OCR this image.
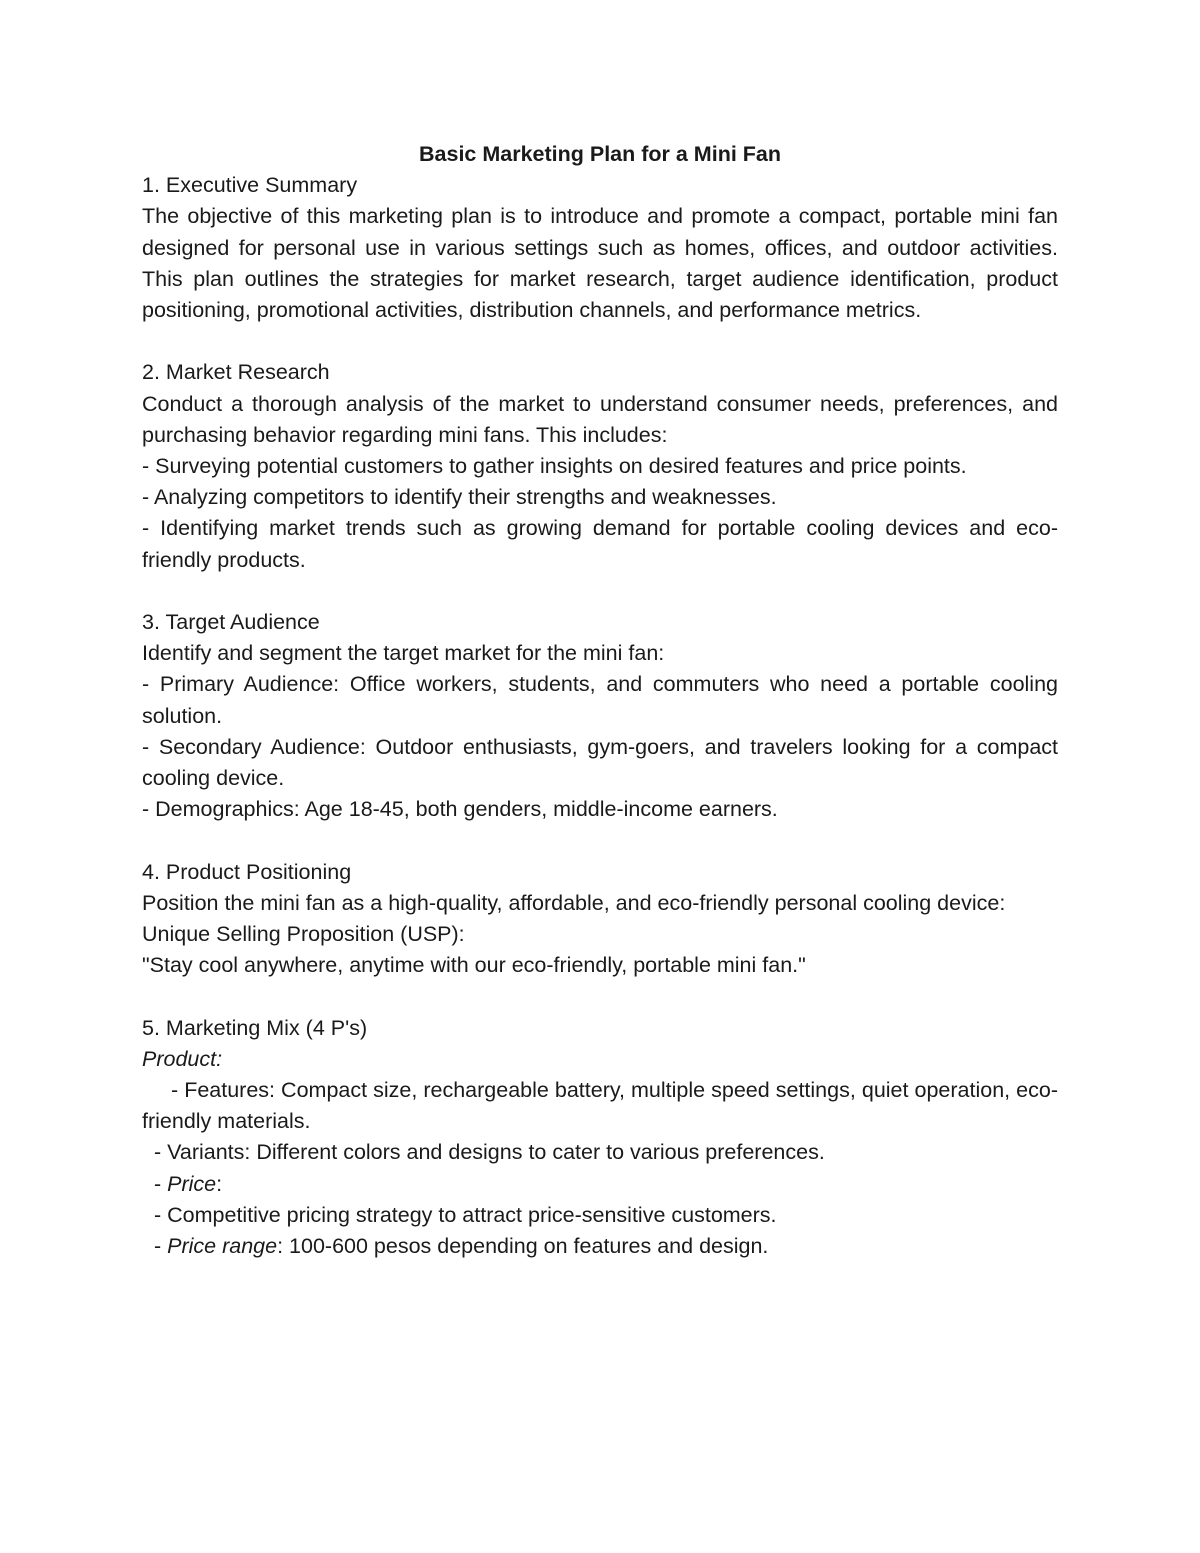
Basic Marketing Plan for a Mini Fan

1. Executive Summary

The objective of this marketing plan is to introduce and promote a compact, portable mini fan designed for personal use in various settings such as homes, offices, and outdoor activities. This plan outlines the strategies for market research, target audience identification, product positioning, promotional activities, distribution channels, and performance metrics.

2. Market Research

Conduct a thorough analysis of the market to understand consumer needs, preferences, and purchasing behavior regarding mini fans. This includes:

- Surveying potential customers to gather insights on desired features and price points.

- Analyzing competitors to identify their strengths and weaknesses.

- Identifying market trends such as growing demand for portable cooling devices and eco-friendly products.

3. Target Audience

Identify and segment the target market for the mini fan:

- Primary Audience: Office workers, students, and commuters who need a portable cooling solution.

- Secondary Audience: Outdoor enthusiasts, gym-goers, and travelers looking for a compact cooling device.

- Demographics: Age 18-45, both genders, middle-income earners.

4. Product Positioning

Position the mini fan as a high-quality, affordable, and eco-friendly personal cooling device:

Unique Selling Proposition (USP):

"Stay cool anywhere, anytime with our eco-friendly, portable mini fan."

5. Marketing Mix (4 P's)

Product:

- Features: Compact size, rechargeable battery, multiple speed settings, quiet operation, eco-friendly materials.

- Variants: Different colors and designs to cater to various preferences.

- Price:

- Competitive pricing strategy to attract price-sensitive customers.

- Price range: 100-600 pesos depending on features and design.
